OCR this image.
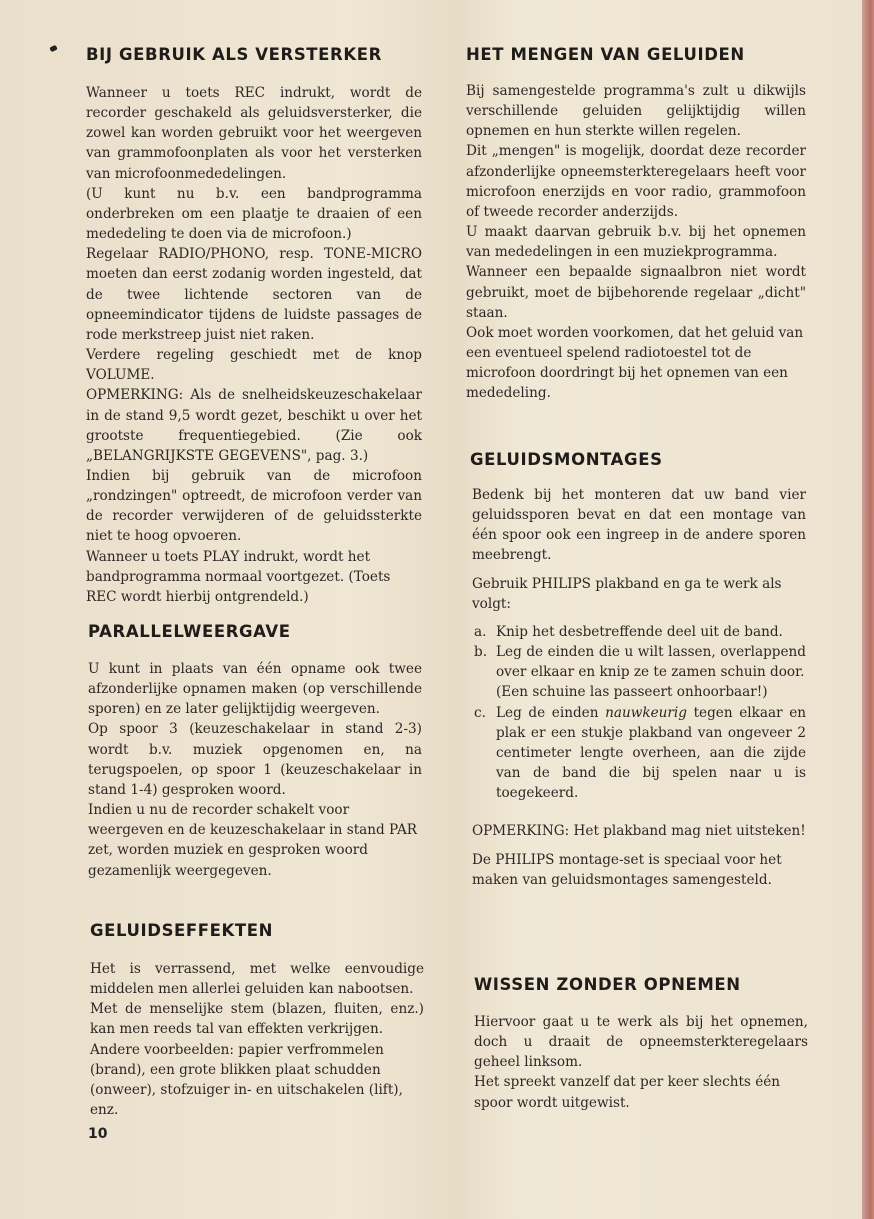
BIJ GEBRUIK ALS VERSTERKER

Wanneer u toets REC indrukt, wordt de recorder geschakeld als geluidsversterker, die zowel kan worden gebruikt voor het weergeven van grammofoonplaten als voor het versterken van microfoonmededelingen.

(U kunt nu b.v. een bandprogramma onderbreken om een plaatje te draaien of een mededeling te doen via de microfoon.)

Regelaar RADIO/PHONO, resp. TONE-MICRO moeten dan eerst zodanig worden ingesteld, dat de twee lichtende sectoren van de opneemindicator tijdens de luidste passages de rode merkstreep juist niet raken.

Verdere regeling geschiedt met de knop VOLUME.

OPMERKING: Als de snelheidskeuzeschakelaar in de stand 9,5 wordt gezet, beschikt u over het grootste frequentiegebied. (Zie ook „BELANGRIJKSTE GEGEVENS", pag. 3.)

Indien bij gebruik van de microfoon „rondzingen" optreedt, de microfoon verder van de recorder verwijderen of de geluidssterkte niet te hoog opvoeren.

Wanneer u toets PLAY indrukt, wordt het bandprogramma normaal voortgezet. (Toets REC wordt hierbij ontgrendeld.)

PARALLELWEERGAVE

U kunt in plaats van één opname ook twee afzonderlijke opnamen maken (op verschillende sporen) en ze later gelijktijdig weergeven.

Op spoor 3 (keuzeschakelaar in stand 2-3) wordt b.v. muziek opgenomen en, na terugspoelen, op spoor 1 (keuzeschakelaar in stand 1-4) gesproken woord.

Indien u nu de recorder schakelt voor weergeven en de keuzeschakelaar in stand PAR zet, worden muziek en gesproken woord gezamenlijk weergegeven.

GELUIDSEFFEKTEN

Het is verrassend, met welke eenvoudige middelen men allerlei geluiden kan nabootsen.

Met de menselijke stem (blazen, fluiten, enz.) kan men reeds tal van effekten verkrijgen.

Andere voorbeelden: papier verfrommelen (brand), een grote blikken plaat schudden (onweer), stofzuiger in- en uitschakelen (lift), enz.

HET MENGEN VAN GELUIDEN

Bij samengestelde programma's zult u dikwijls verschillende geluiden gelijktijdig willen opnemen en hun sterkte willen regelen.

Dit „mengen" is mogelijk, doordat deze recorder afzonderlijke opneemsterkteregelaars heeft voor microfoon enerzijds en voor radio, grammofoon of tweede recorder anderzijds.

U maakt daarvan gebruik b.v. bij het opnemen van mededelingen in een muziekprogramma.

Wanneer een bepaalde signaalbron niet wordt gebruikt, moet de bijbehorende regelaar „dicht" staan.

Ook moet worden voorkomen, dat het geluid van een eventueel spelend radiotoestel tot de microfoon doordringt bij het opnemen van een mededeling.

GELUIDSMONTAGES

Bedenk bij het monteren dat uw band vier geluidssporen bevat en dat een montage van één spoor ook een ingreep in de andere sporen meebrengt.

Gebruik PHILIPS plakband en ga te werk als volgt:

a. Knip het desbetreffende deel uit de band.
b. Leg de einden die u wilt lassen, overlappend over elkaar en knip ze te zamen schuin door.
(Een schuine las passeert onhoorbaar!)
c. Leg de einden nauwkeurig tegen elkaar en plak er een stukje plakband van ongeveer 2 centimeter lengte overheen, aan die zijde van de band die bij spelen naar u is toegekeerd.

OPMERKING: Het plakband mag niet uitsteken!

De PHILIPS montage-set is speciaal voor het maken van geluidsmontages samengesteld.

WISSEN ZONDER OPNEMEN

Hiervoor gaat u te werk als bij het opnemen, doch u draait de opneemsterkteregelaars geheel linksom.

Het spreekt vanzelf dat per keer slechts één spoor wordt uitgewist.

10
